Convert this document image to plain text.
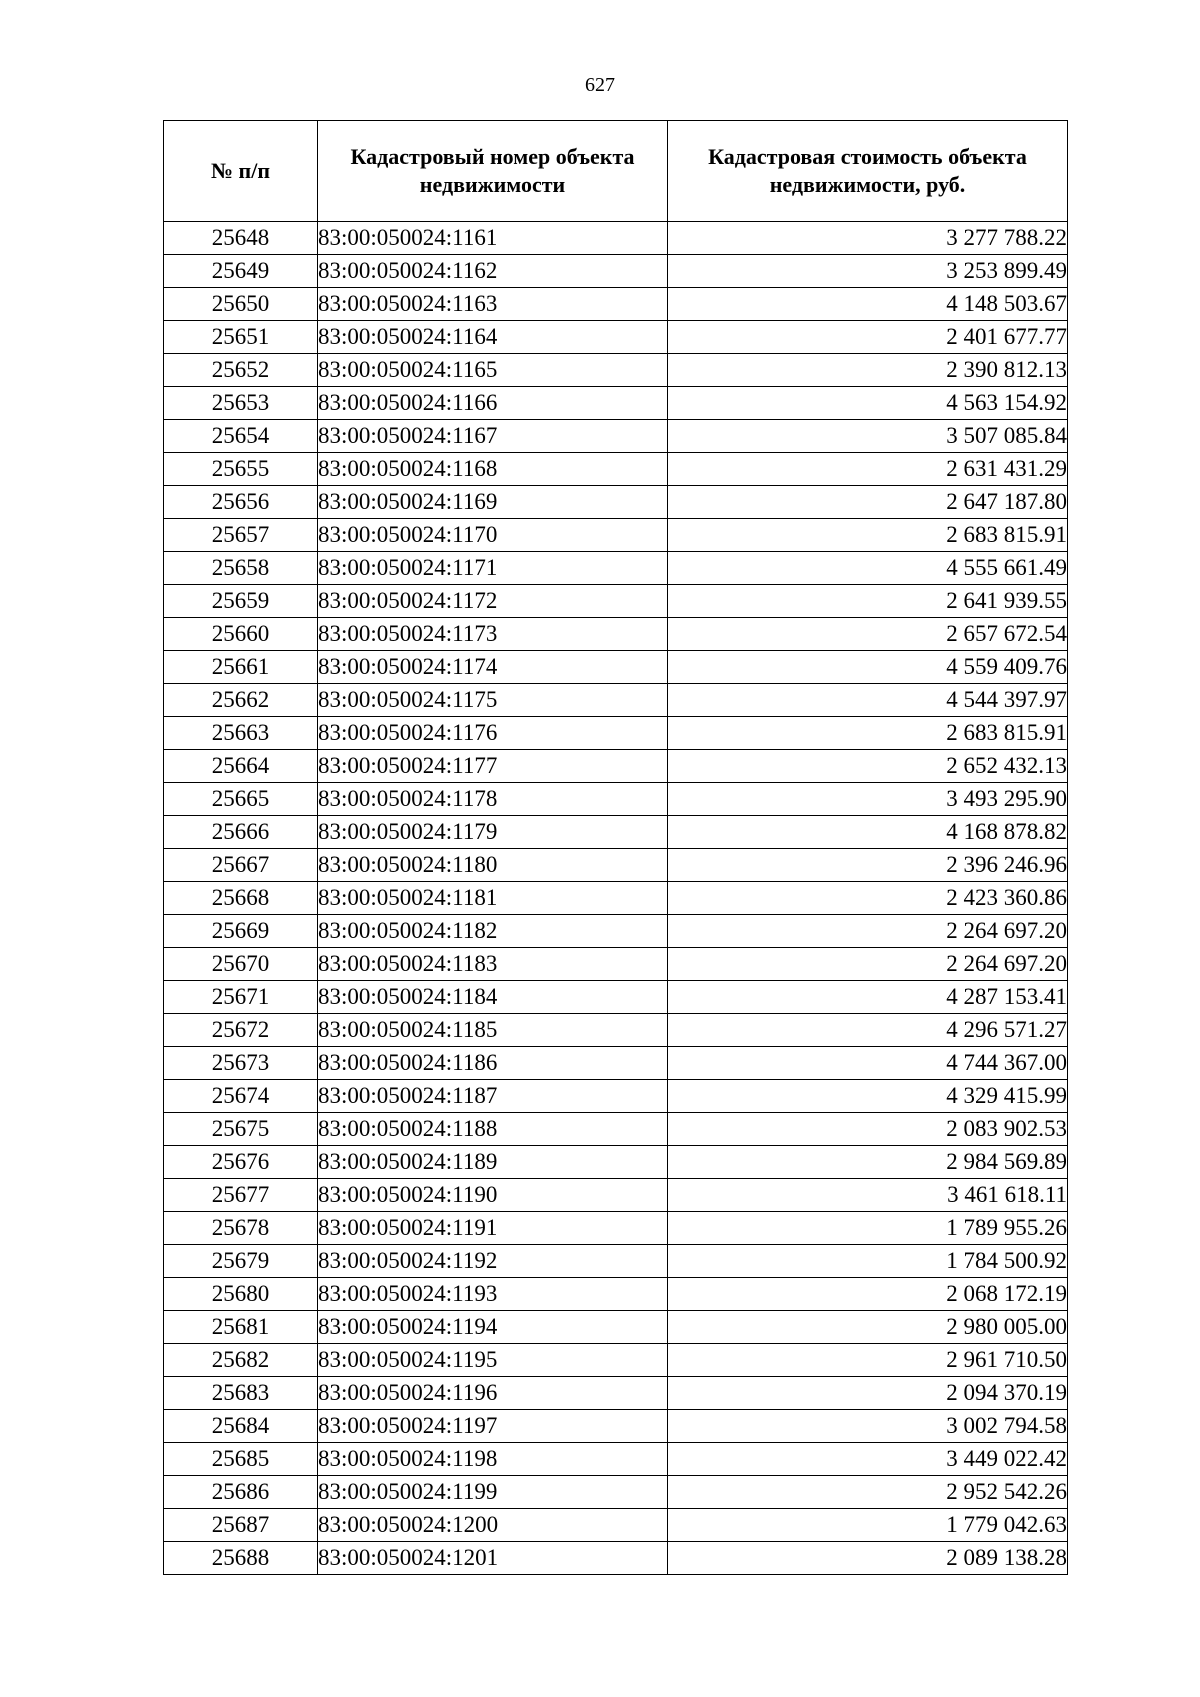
627
№ п/п	Кадастровый номер объекта недвижимости	Кадастровая стоимость объекта недвижимости, руб.
25648	83:00:050024:1161	3 277 788.22
25649	83:00:050024:1162	3 253 899.49
25650	83:00:050024:1163	4 148 503.67
25651	83:00:050024:1164	2 401 677.77
25652	83:00:050024:1165	2 390 812.13
25653	83:00:050024:1166	4 563 154.92
25654	83:00:050024:1167	3 507 085.84
25655	83:00:050024:1168	2 631 431.29
25656	83:00:050024:1169	2 647 187.80
25657	83:00:050024:1170	2 683 815.91
25658	83:00:050024:1171	4 555 661.49
25659	83:00:050024:1172	2 641 939.55
25660	83:00:050024:1173	2 657 672.54
25661	83:00:050024:1174	4 559 409.76
25662	83:00:050024:1175	4 544 397.97
25663	83:00:050024:1176	2 683 815.91
25664	83:00:050024:1177	2 652 432.13
25665	83:00:050024:1178	3 493 295.90
25666	83:00:050024:1179	4 168 878.82
25667	83:00:050024:1180	2 396 246.96
25668	83:00:050024:1181	2 423 360.86
25669	83:00:050024:1182	2 264 697.20
25670	83:00:050024:1183	2 264 697.20
25671	83:00:050024:1184	4 287 153.41
25672	83:00:050024:1185	4 296 571.27
25673	83:00:050024:1186	4 744 367.00
25674	83:00:050024:1187	4 329 415.99
25675	83:00:050024:1188	2 083 902.53
25676	83:00:050024:1189	2 984 569.89
25677	83:00:050024:1190	3 461 618.11
25678	83:00:050024:1191	1 789 955.26
25679	83:00:050024:1192	1 784 500.92
25680	83:00:050024:1193	2 068 172.19
25681	83:00:050024:1194	2 980 005.00
25682	83:00:050024:1195	2 961 710.50
25683	83:00:050024:1196	2 094 370.19
25684	83:00:050024:1197	3 002 794.58
25685	83:00:050024:1198	3 449 022.42
25686	83:00:050024:1199	2 952 542.26
25687	83:00:050024:1200	1 779 042.63
25688	83:00:050024:1201	2 089 138.28
